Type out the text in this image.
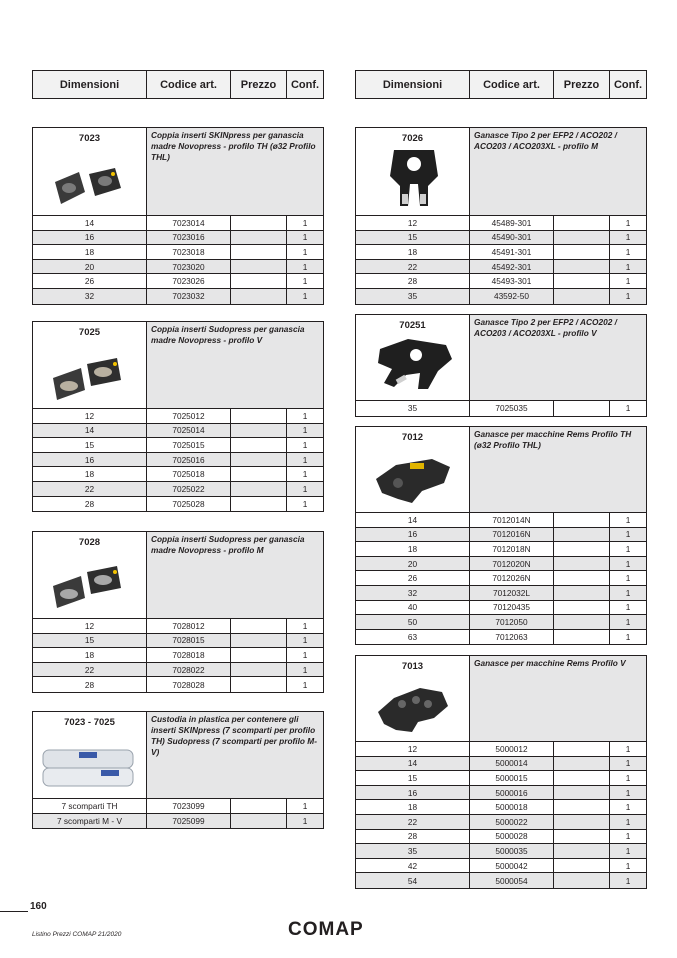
Dimensioni	Codice art.	Prezzo	Conf.	Dimensioni	Codice art.	Prezzo	Conf.
7023	Coppia inserti SKINpress per ganascia madre Novopress - profilo TH (ø32 Profilo THL)
14	7023014	1
16	7023016	1
18	7023018	1
20	7023020	1
26	7023026	1
32	7023032	1
7025	Coppia inserti Sudopress per ganascia madre Novopress - profilo V
12	7025012	1
14	7025014	1
15	7025015	1
16	7025016	1
18	7025018	1
22	7025022	1
28	7025028	1
7028	Coppia inserti Sudopress per ganascia madre Novopress - profilo M
12	7028012	1
15	7028015	1
18	7028018	1
22	7028022	1
28	7028028	1
7023 - 7025	Custodia in plastica per contenere gli inserti SKINpress (7 scomparti per profilo TH) Sudopress (7 scomparti per profilo M-V)
7 scomparti TH	7023099	1
7 scomparti M - V	7025099	1
7026	Ganasce Tipo 2 per EFP2 / ACO202 / ACO203 / ACO203XL - profilo M
12	45489-301	1
15	45490-301	1
18	45491-301	1
22	45492-301	1
28	45493-301	1
35	43592-50	1
70251	Ganasce Tipo 2 per EFP2 / ACO202 / ACO203 / ACO203XL - profilo V
35	7025035	1
7012	Ganasce per macchine Rems Profilo TH (ø32 Profilo THL)
14	7012014N	1
16	7012016N	1
18	7012018N	1
20	7012020N	1
26	7012026N	1
32	7012032L	1
40	70120435	1
50	7012050	1
63	7012063	1
7013	Ganasce per macchine Rems Profilo V
12	5000012	1
14	5000014	1
15	5000015	1
16	5000016	1
18	5000018	1
22	5000022	1
28	5000028	1
35	5000035	1
42	5000042	1
54	5000054	1
160
Listino Prezzi COMAP 21/2020	COMAP
